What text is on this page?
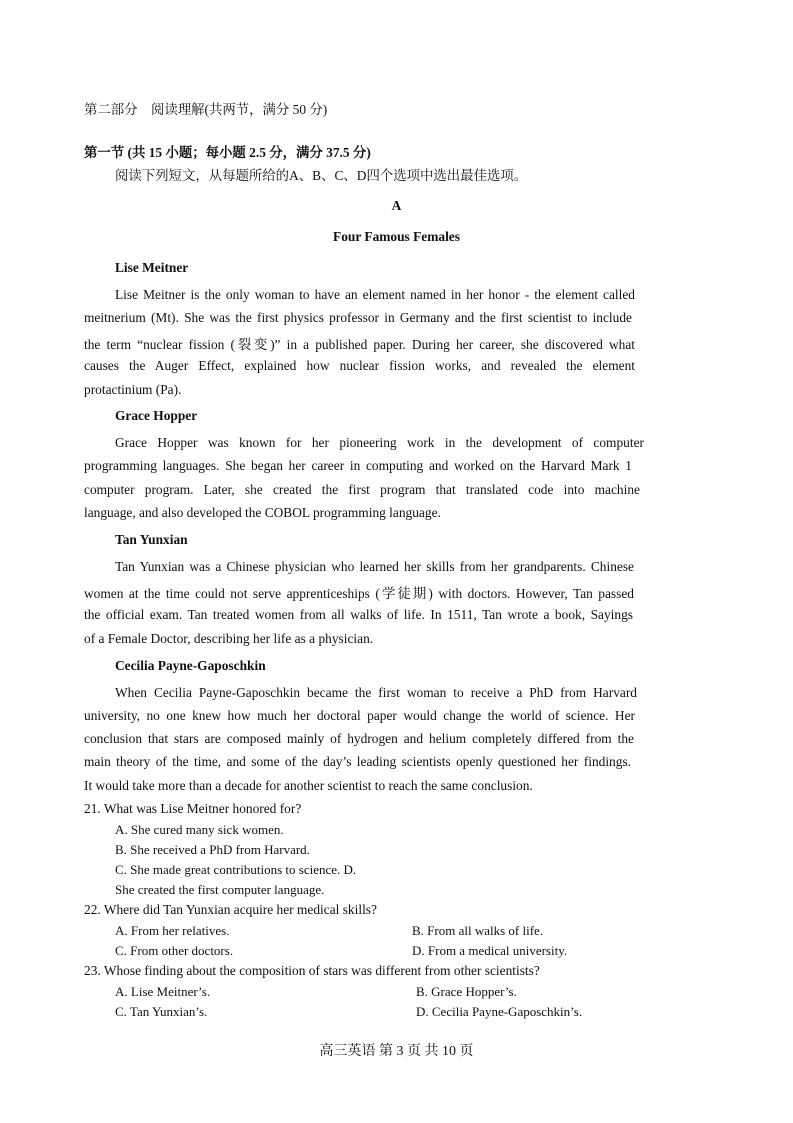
第二部分　阅读理解(共两节，满分 50 分)
第一节 (共 15 小题；每小题 2.5 分，满分 37.5 分)
阅读下列短文，从每题所给的A、B、C、D四个选项中选出最佳选项。
A
Four Famous Females
Lise Meitner
Lise Meitner is the only woman to have an element named in her honor - the element called
meitnerium (Mt). She was the first physics professor in Germany and the first scientist to include
the term “nuclear fission (裂变)” in a published paper. During her career, she discovered what
causes the Auger Effect, explained how nuclear fission works, and revealed the element
protactinium (Pa).
Grace Hopper
Grace Hopper was known for her pioneering work in the development of computer
programming languages. She began her career in computing and worked on the Harvard Mark 1
computer program. Later, she created the first program that translated code into machine
language, and also developed the COBOL programming language.
Tan Yunxian
Tan Yunxian was a Chinese physician who learned her skills from her grandparents. Chinese
women at the time could not serve apprenticeships (学徒期) with doctors. However, Tan passed
the official exam. Tan treated women from all walks of life. In 1511, Tan wrote a book, Sayings
of a Female Doctor, describing her life as a physician.
Cecilia Payne-Gaposchkin
When Cecilia Payne-Gaposchkin became the first woman to receive a PhD from Harvard
university, no one knew how much her doctoral paper would change the world of science. Her
conclusion that stars are composed mainly of hydrogen and helium completely differed from the
main theory of the time, and some of the day’s leading scientists openly questioned her findings.
It would take more than a decade for another scientist to reach the same conclusion.
21. What was Lise Meitner honored for?
A. She cured many sick women.
B. She received a PhD from Harvard.
C. She made great contributions to science. D.
She created the first computer language.
22. Where did Tan Yunxian acquire her medical skills?
A. From her relatives.	B. From all walks of life.
C. From other doctors.	D. From a medical university.
23. Whose finding about the composition of stars was different from other scientists?
A. Lise Meitner’s.	B. Grace Hopper’s.
C. Tan Yunxian’s.	D. Cecilia Payne-Gaposchkin’s.
高三英语 第 3 页 共 10 页
